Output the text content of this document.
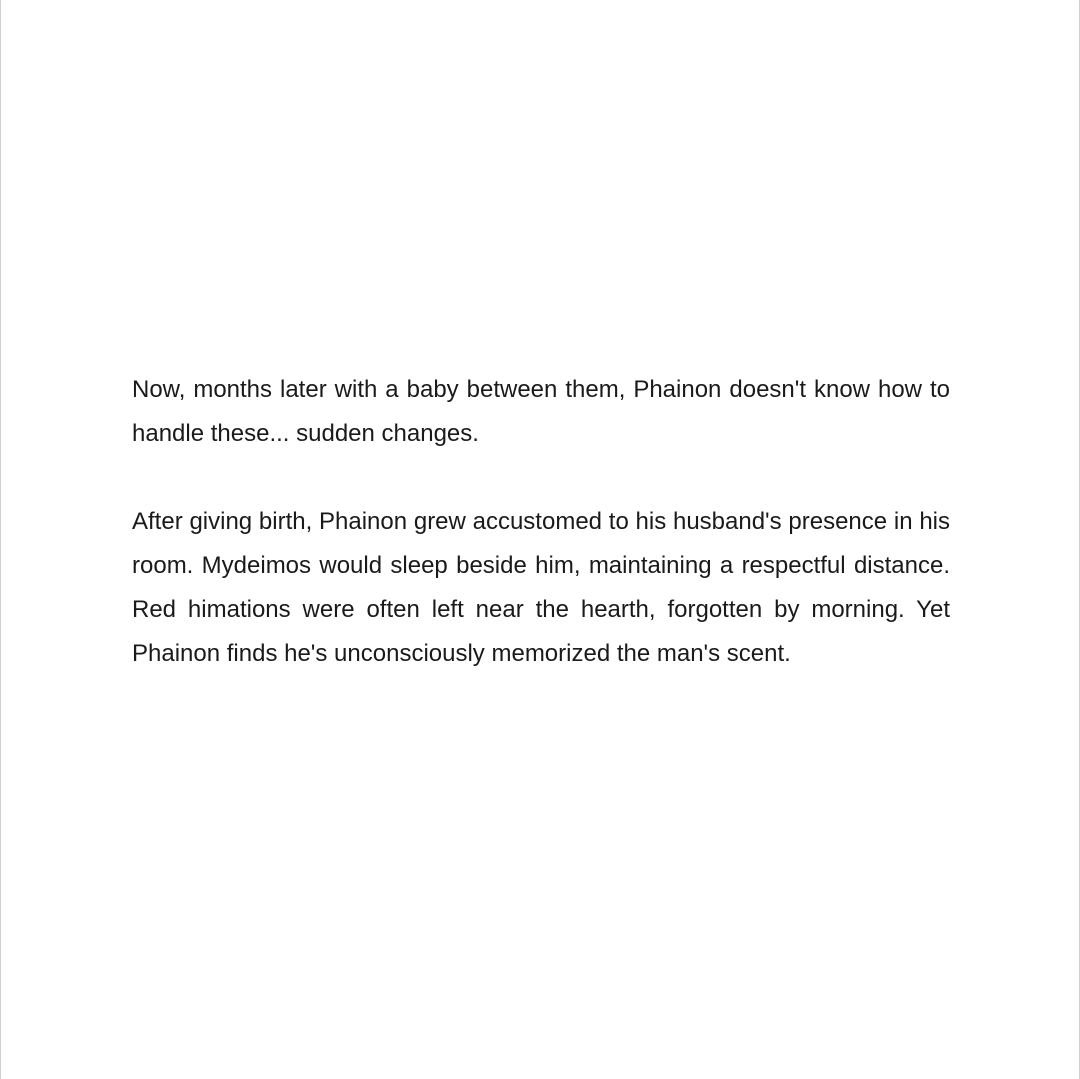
Now, months later with a baby between them, Phainon doesn't know how to handle these... sudden changes.

After giving birth, Phainon grew accustomed to his husband's presence in his room. Mydeimos would sleep beside him, maintaining a respectful distance. Red himations were often left near the hearth, forgotten by morning. Yet Phainon finds he's unconsciously memorized the man's scent.
